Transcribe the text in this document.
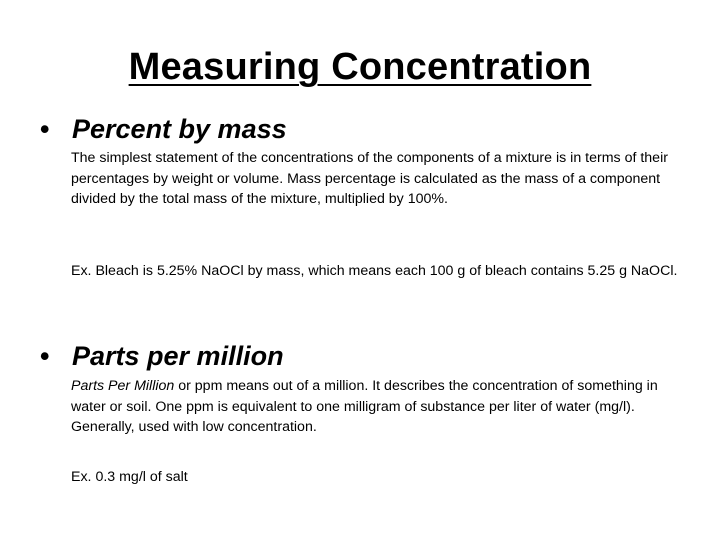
Measuring Concentration
• Percent by mass
The simplest statement of the concentrations of the components of a mixture is in terms of their percentages by weight or volume. Mass percentage is calculated as the mass of a component divided by the total mass of the mixture, multiplied by 100%.
Ex. Bleach is 5.25% NaOCl by mass, which means each 100 g of bleach contains 5.25 g NaOCl.
• Parts per million
Parts Per Million or ppm means out of a million. It describes the concentration of something in water or soil. One ppm is equivalent to one milligram of substance per liter of water (mg/l). Generally, used with low concentration.
Ex. 0.3 mg/l of salt
